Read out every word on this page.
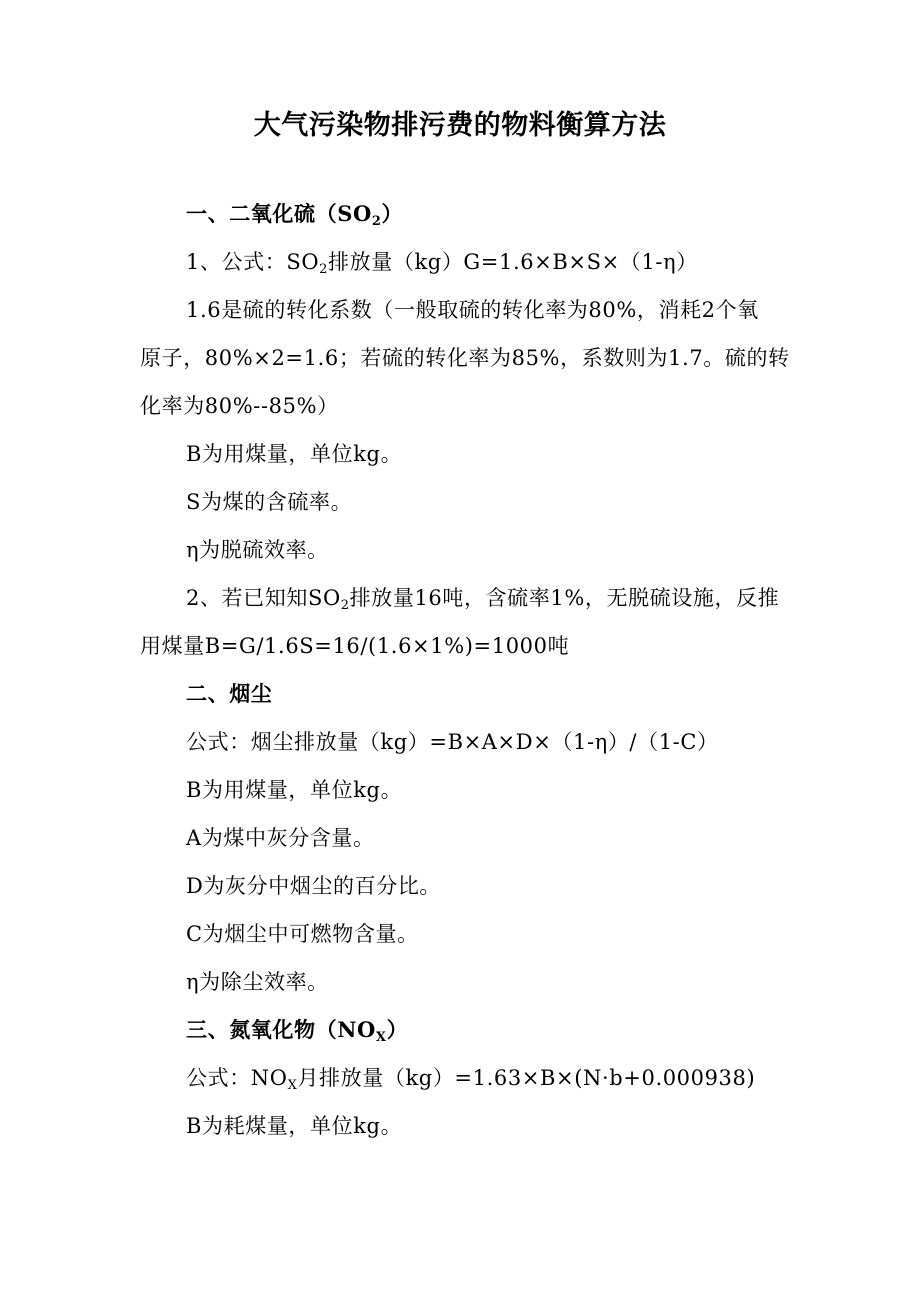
大气污染物排污费的物料衡算方法
一、二氧化硫$(SO_2)$
1、公式：$SO_2$排放量（kg）G=1.6×B×S×（1-η）
1.6是硫的转化系数（一般取硫的转化率为80%，消耗2个氧
原子，80%×2=1.6；若硫的转化率为85%，系数则为1.7。硫的转
化率为80%--85%）
B为用煤量，单位kg。
S为煤的含硫率。
η为脱硫效率。
2、若已知知$SO_2$排放量16吨，含硫率1%，无脱硫设施，反推
用煤量B=G/1.6S=16/(1.6×1%)=1000吨
二、烟尘
公式：烟尘排放量（kg）=B×A×D×（1-η）/（1-C）
B为用煤量，单位kg。
A为煤中灰分含量。
D为灰分中烟尘的百分比。
C为烟尘中可燃物含量。
η为除尘效率。
三、氮氧化物$(NO_X)$
公式：$NO_X$月排放量（kg）=1.63×B×(N·b+0.000938)
B为耗煤量，单位kg。
